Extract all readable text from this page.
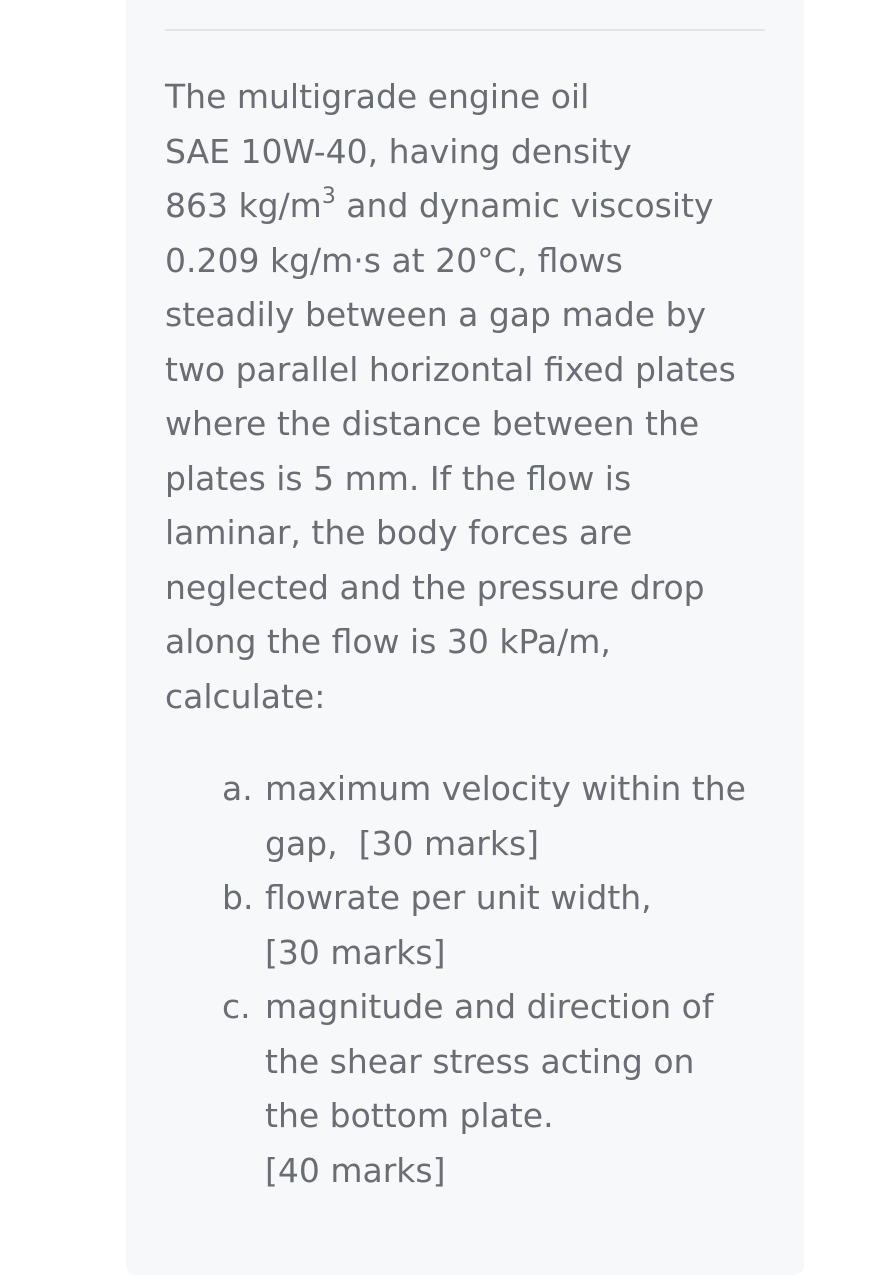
The multigrade engine oil
SAE 10W-40, having density
863 $kg/m^3$ and dynamic viscosity
0.209 kg/m·s at 20°C, flows
steadily between a gap made by
two parallel horizontal fixed plates
where the distance between the
plates is 5 mm. If the flow is
laminar, the body forces are
neglected and the pressure drop
along the flow is 30 kPa/m,
calculate:
a. maximum velocity within the
gap,  [30 marks]
b. flowrate per unit width,
[30 marks]
c. magnitude and direction of
the shear stress acting on
the bottom plate.
[40 marks]
